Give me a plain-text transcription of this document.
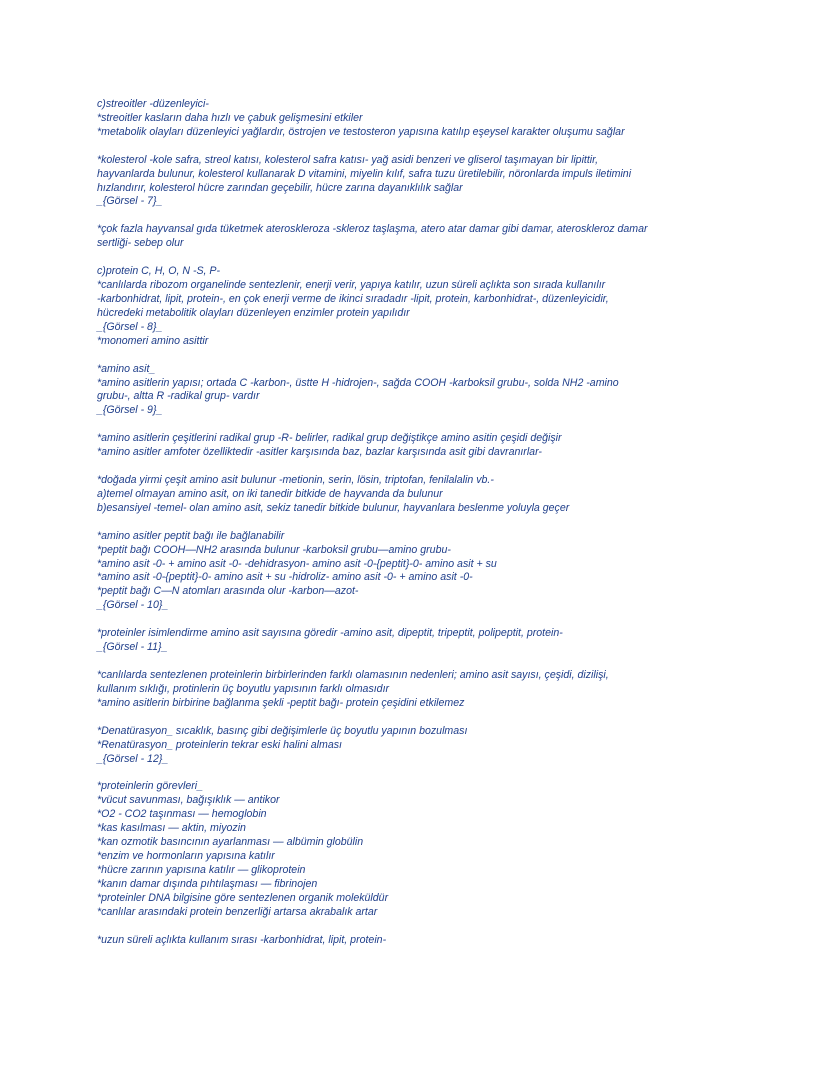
c)streoitler -düzenleyici-
*streoitler kasların daha hızlı ve çabuk gelişmesini etkiler
*metabolik olayları düzenleyici yağlardır, östrojen ve testosteron yapısına katılıp eşeysel karakter oluşumu sağlar
*kolesterol -kole safra, streol katısı, kolesterol safra katısı- yağ asidi benzeri ve gliserol taşımayan bir lipittir,
hayvanlarda bulunur, kolesterol kullanarak D vitamini, miyelin kılıf, safra tuzu üretilebilir, nöronlarda impuls iletimini
hızlandırır, kolesterol hücre zarından geçebilir, hücre zarına dayanıklılık sağlar
_{Görsel - 7}_
*çok fazla hayvansal gıda tüketmek ateroskleroza -skleroz taşlaşma, atero atar damar gibi damar, ateroskleroz damar
sertliği- sebep olur
c)protein C, H, O, N -S, P-
*canlılarda ribozom organelinde sentezlenir, enerji verir, yapıya katılır, uzun süreli açlıkta son sırada kullanılır
-karbonhidrat, lipit, protein-, en çok enerji verme de ikinci sıradadır -lipit, protein, karbonhidrat-, düzenleyicidir,
hücredeki metabolitik olayları düzenleyen enzimler protein yapılıdır
_{Görsel - 8}_
*monomeri amino asittir
*amino asit_
*amino asitlerin yapısı; ortada C -karbon-, üstte H -hidrojen-, sağda COOH -karboksil grubu-, solda NH2 -amino
grubu-, altta R -radikal grup- vardır
_{Görsel - 9}_
*amino asitlerin çeşitlerini radikal grup -R- belirler, radikal grup değiştikçe amino asitin çeşidi değişir
*amino asitler amfoter özelliktedir -asitler karşısında baz, bazlar karşısında asit gibi davranırlar-
*doğada yirmi çeşit amino asit bulunur -metionin, serin, lösin, triptofan, fenilalalin vb.-
a)temel olmayan amino asit, on iki tanedir bitkide de hayvanda da bulunur
b)esansiyel -temel- olan amino asit, sekiz tanedir bitkide bulunur, hayvanlara beslenme yoluyla geçer
*amino asitler peptit bağı ile bağlanabilir
*peptit bağı COOH—NH2 arasında bulunur -karboksil grubu—amino grubu-
*amino asit -0- + amino asit -0- -dehidrasyon- amino asit -0-{peptit}-0- amino asit + su
*amino asit -0-{peptit}-0- amino asit + su -hidroliz- amino asit -0- + amino asit -0-
*peptit bağı C—N atomları arasında olur -karbon—azot-
_{Görsel - 10}_
*proteinler isimlendirme amino asit sayısına göredir -amino asit, dipeptit, tripeptit, polipeptit, protein-
_{Görsel - 11}_
*canlılarda sentezlenen proteinlerin birbirlerinden farklı olamasının nedenleri; amino asit sayısı, çeşidi, dizilişi,
kullanım sıklığı, protinlerin üç boyutlu yapısının farklı olmasıdır
*amino asitlerin birbirine bağlanma şekli -peptit bağı- protein çeşidini etkilemez
*Denatürasyon_ sıcaklık, basınç gibi değişimlerle üç boyutlu yapının bozulması
*Renatürasyon_ proteinlerin tekrar eski halini alması
_{Görsel - 12}_
*proteinlerin görevleri_
*vücut savunması, bağışıklık — antikor
*O2 - CO2 taşınması — hemoglobin
*kas kasılması — aktin, miyozin
*kan ozmotik basıncının ayarlanması — albümin globülin
*enzim ve hormonların yapısına katılır
*hücre zarının yapısına katılır — glikoprotein
*kanın damar dışında pıhtılaşması — fibrinojen
*proteinler DNA bilgisine göre sentezlenen organik moleküldür
*canlılar arasındaki protein benzerliği artarsa akrabalık artar
*uzun süreli açlıkta kullanım sırası -karbonhidrat, lipit, protein-
